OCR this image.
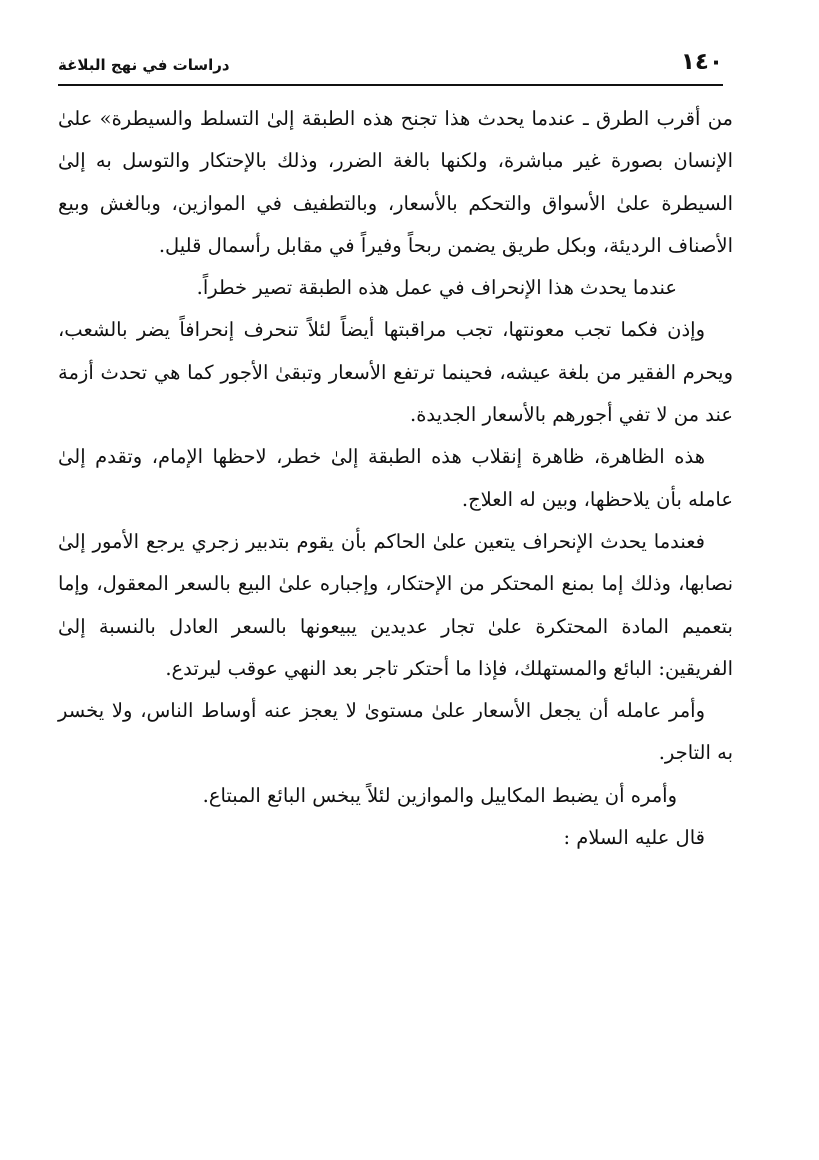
١٤٠
دراسات في نهج البلاغة

من أقرب الطرق ـ عندما يحدث هذا تجنح هذه الطبقة إلىٰ التسلط والسيطرة» علىٰ الإنسان بصورة غير مباشرة، ولكنها بالغة الضرر، وذلك بالإحتكار والتوسل به إلىٰ السيطرة علىٰ الأسواق والتحكم بالأسعار، وبالتطفيف في الموازين، وبالغش وبيع الأصناف الرديئة، وبكل طريق يضمن ربحاً وفيراً في مقابل رأسمال قليل.

عندما يحدث هذا الإنحراف في عمل هذه الطبقة تصير خطراً.

وإذن فكما تجب معونتها، تجب مراقبتها أيضاً لئلاً تنحرف إنحرافاً يضر بالشعب، ويحرم الفقير من بلغة عيشه، فحينما ترتفع الأسعار وتبقىٰ الأجور كما هي تحدث أزمة عند من لا تفي أجورهم بالأسعار الجديدة.

هذه الظاهرة، ظاهرة إنقلاب هذه الطبقة إلىٰ خطر، لاحظها الإمام، وتقدم إلىٰ عامله بأن يلاحظها، وبين له العلاج.

فعندما يحدث الإنحراف يتعين علىٰ الحاكم بأن يقوم بتدبير زجري يرجع الأمور إلىٰ نصابها، وذلك إما بمنع المحتكر من الإحتكار، وإجباره علىٰ البيع بالسعر المعقول، وإما بتعميم المادة المحتكرة علىٰ تجار عديدين يبيعونها بالسعر العادل بالنسبة إلىٰ الفريقين: البائع والمستهلك، فإذا ما أحتكر تاجر بعد النهي عوقب ليرتدع.

وأمر عامله أن يجعل الأسعار علىٰ مستوىٰ لا يعجز عنه أوساط الناس، ولا يخسر به التاجر.

وأمره أن يضبط المكاييل والموازين لئلاً يبخس البائع المبتاع.

قال عليه السلام :
